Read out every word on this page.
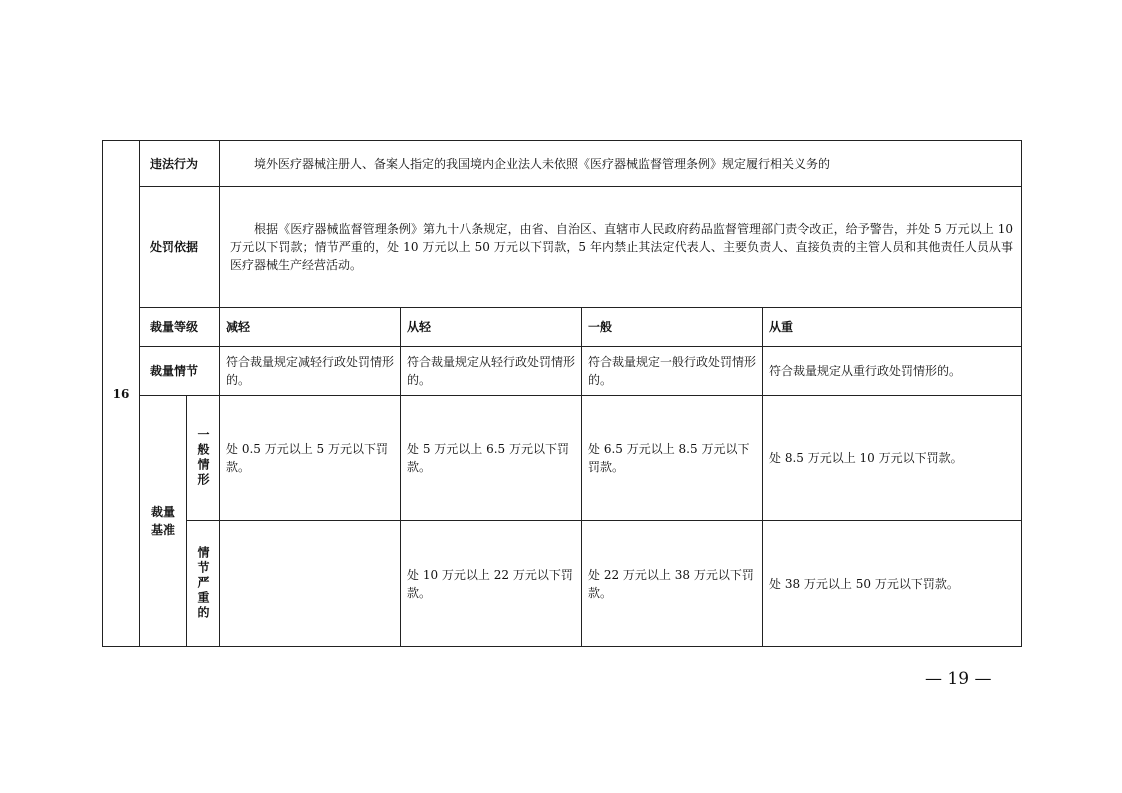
16	违法行为		境外医疗器械注册人、备案人指定的我国境内企业法人未依照《医疗器械监督管理条例》规定履行相关义务的			
	处罚依据		根据《医疗器械监督管理条例》第九十八条规定，由省、自治区、直辖市人民政府药品监督管理部门责令改正，给予警告，并处 5 万元以上 10 万元以下罚款；情节严重的，处 10 万元以上 50 万元以下罚款，5 年内禁止其法定代表人、主要负责人、直接负责的主管人员和其他责任人员从事医疗器械生产经营活动。			
	裁量等级		减轻	从轻	一般	从重
	裁量情节		符合裁量规定减轻行政处罚情形的。	符合裁量规定从轻行政处罚情形的。	符合裁量规定一般行政处罚情形的。	符合裁量规定从重行政处罚情形的。

	裁量基准	一般情形	处 0.5 万元以上 5 万元以下罚款。	处 5 万元以上 6.5 万元以下罚款。	处 6.5 万元以上 8.5 万元以下罚款。	处 8.5 万元以上 10 万元以下罚款。

		情节严重的		处 10 万元以上 22 万元以下罚款。	处 22 万元以上 38 万元以下罚款。	处 38 万元以上 50 万元以下罚款。
— 19 —
